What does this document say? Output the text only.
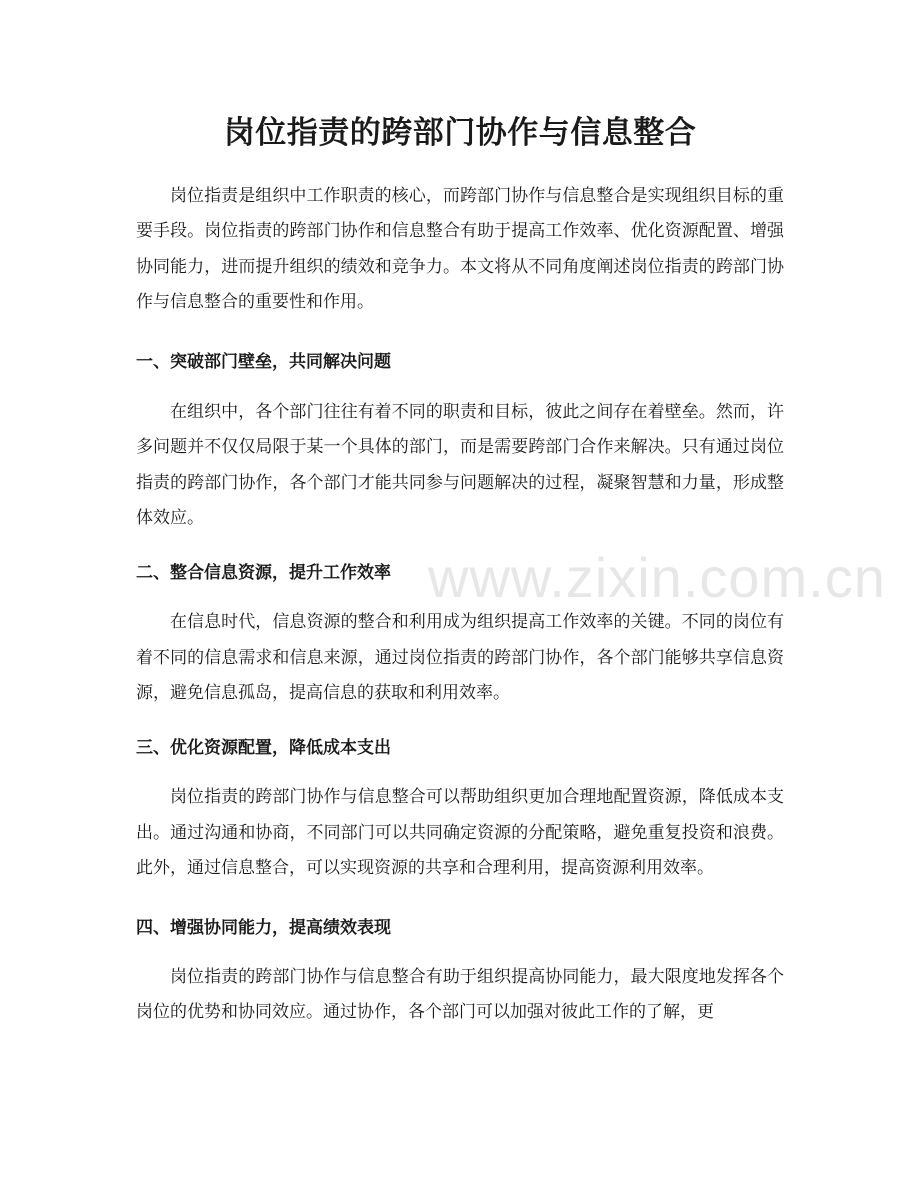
岗位指责的跨部门协作与信息整合

岗位指责是组织中工作职责的核心，而跨部门协作与信息整合是实现组织目标的重要手段。岗位指责的跨部门协作和信息整合有助于提高工作效率、优化资源配置、增强协同能力，进而提升组织的绩效和竞争力。本文将从不同角度阐述岗位指责的跨部门协作与信息整合的重要性和作用。

一、突破部门壁垒，共同解决问题

在组织中，各个部门往往有着不同的职责和目标，彼此之间存在着壁垒。然而，许多问题并不仅仅局限于某一个具体的部门，而是需要跨部门合作来解决。只有通过岗位指责的跨部门协作，各个部门才能共同参与问题解决的过程，凝聚智慧和力量，形成整体效应。

二、整合信息资源，提升工作效率

在信息时代，信息资源的整合和利用成为组织提高工作效率的关键。不同的岗位有着不同的信息需求和信息来源，通过岗位指责的跨部门协作，各个部门能够共享信息资源，避免信息孤岛，提高信息的获取和利用效率。

三、优化资源配置，降低成本支出

岗位指责的跨部门协作与信息整合可以帮助组织更加合理地配置资源，降低成本支出。通过沟通和协商，不同部门可以共同确定资源的分配策略，避免重复投资和浪费。此外，通过信息整合，可以实现资源的共享和合理利用，提高资源利用效率。

四、增强协同能力，提高绩效表现

岗位指责的跨部门协作与信息整合有助于组织提高协同能力，最大限度地发挥各个岗位的优势和协同效应。通过协作，各个部门可以加强对彼此工作的了解，更

www.zixin.com.cn
